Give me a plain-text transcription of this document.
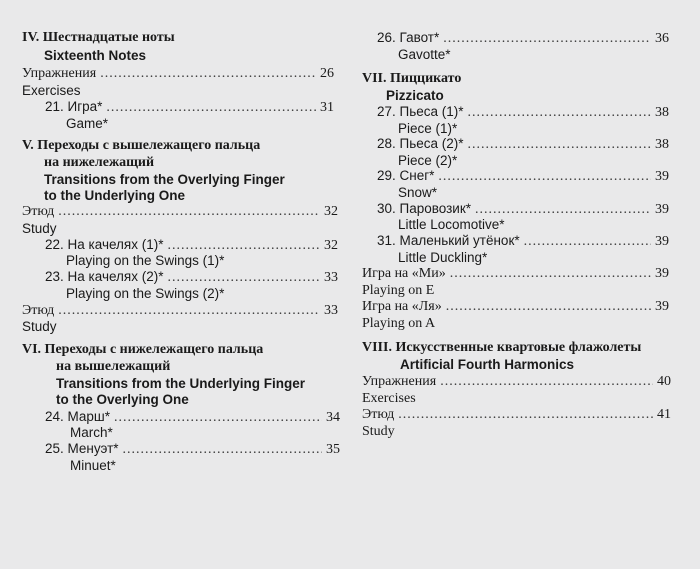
IV. Шестнадцатые ноты
Sixteenth Notes
Упражнения .....	26
Exercises
21. Игра* .....	31
Game*
V. Переходы с вышележащего пальца
на нижележащий
Transitions from the Overlying Finger
to the Underlying One
Этюд .....	32
Study
22. На качелях (1)* .....	32
Playing on the Swings (1)*
23. На качелях (2)* .....	33
Playing on the Swings (2)*
Этюд .....	33
Study
VI. Переходы с нижележащего пальца
на вышележащий
Transitions from the Underlying Finger
to the Overlying One
24. Марш* .....	34
March*
25. Менуэт* .....	35
Minuet*
26. Гавот* .....	36
Gavotte*
VII. Пиццикато
Pizzicato
27. Пьеса (1)* .....	38
Piece (1)*
28. Пьеса (2)* .....	38
Piece (2)*
29. Снег* .....	39
Snow*
30. Паровозик* .....	39
Little Locomotive*
31. Маленький утёнок* .....	39
Little Duckling*
Игра на «Ми» .....	39
Playing on E
Игра на «Ля» .....	39
Playing on A
VIII. Искусственные квартовые флажолеты
Artificial Fourth Harmonics
Упражнения .....	40
Exercises
Этюд .....	41
Study
